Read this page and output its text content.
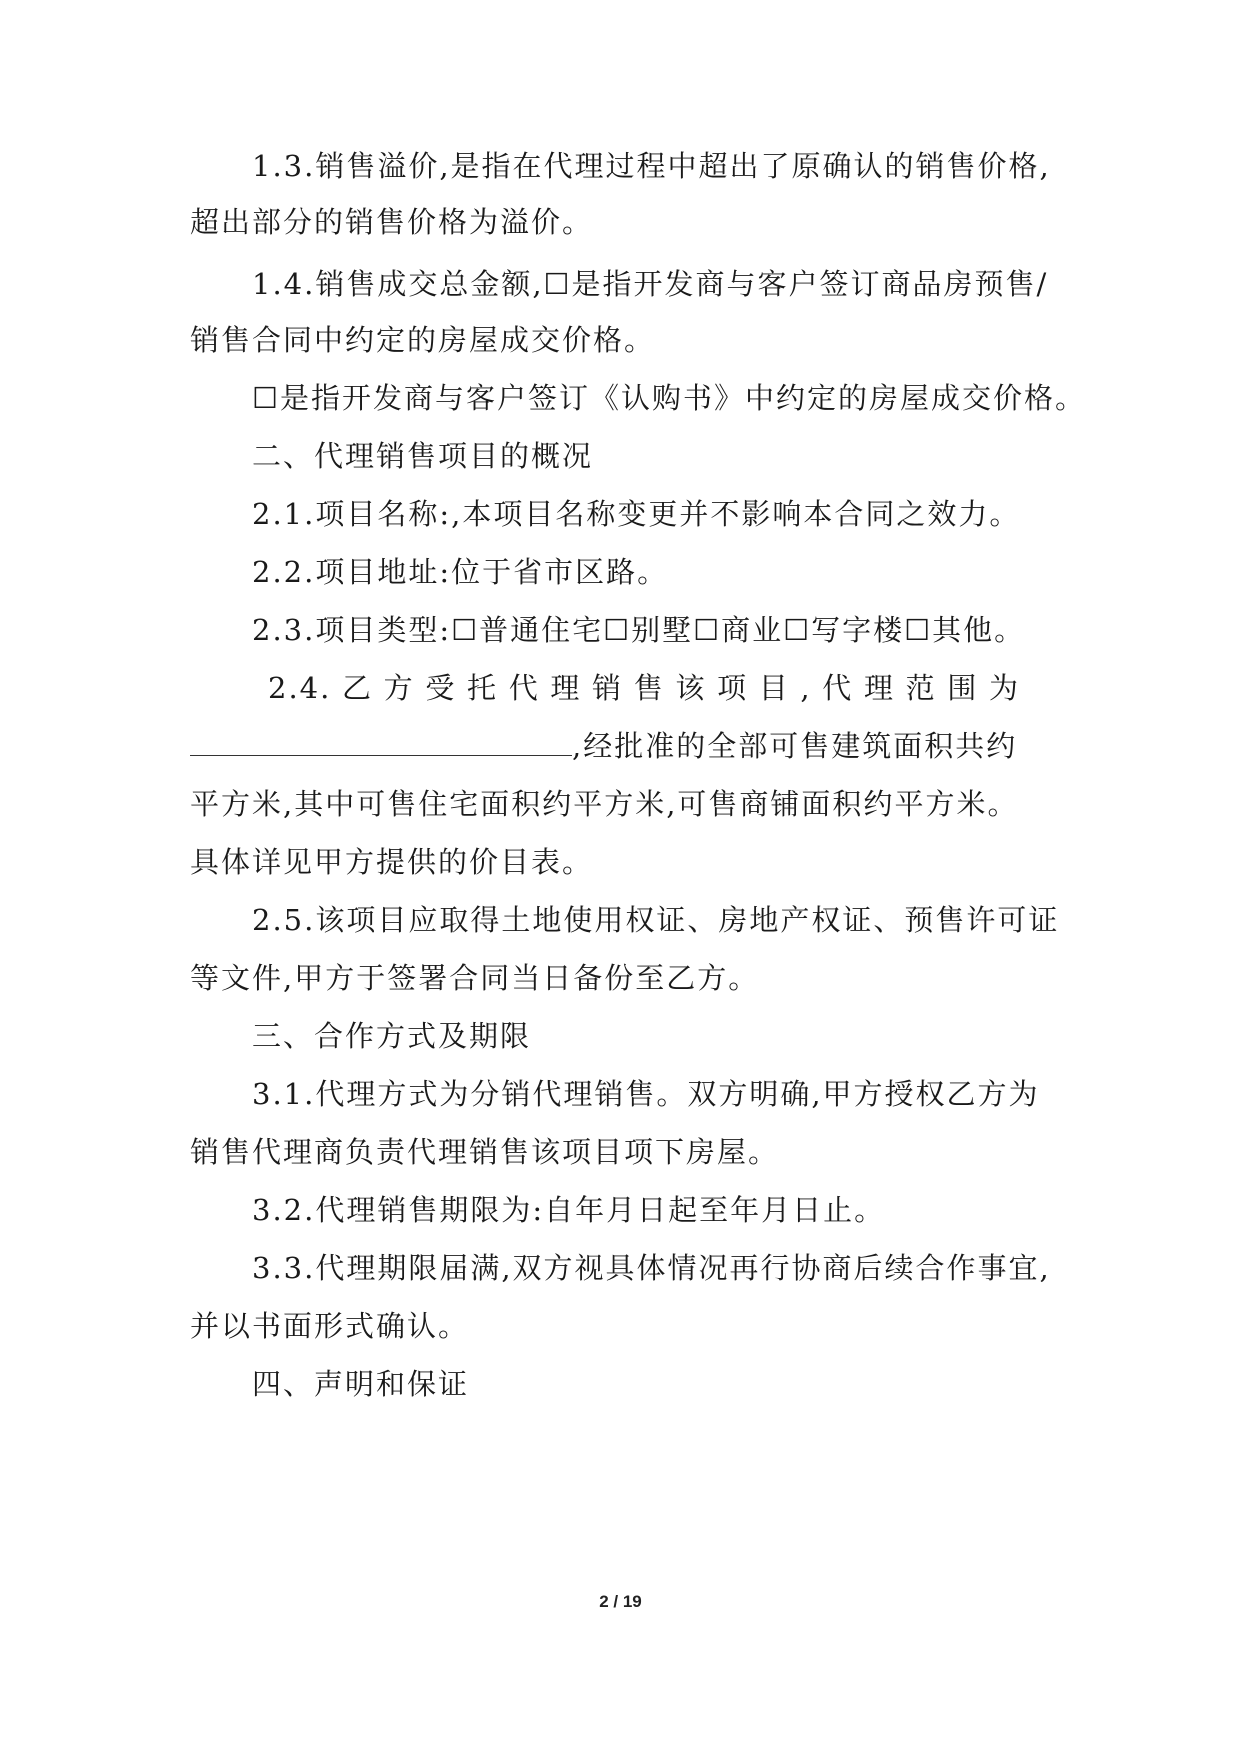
1.3.销售溢价,是指在代理过程中超出了原确认的销售价格,
超出部分的销售价格为溢价。
1.4.销售成交总金额,☐是指开发商与客户签订商品房预售/
销售合同中约定的房屋成交价格。
☐是指开发商与客户签订《认购书》中约定的房屋成交价格。
二、代理销售项目的概况
2.1.项目名称:,本项目名称变更并不影响本合同之效力。
2.2.项目地址:位于省市区路。
2.3.项目类型:☐普通住宅☐别墅☐商业☐写字楼☐其他。
2.4.乙方受托代理销售该项目,代理范围为
,经批准的全部可售建筑面积共约
平方米,其中可售住宅面积约平方米,可售商铺面积约平方米。
具体详见甲方提供的价目表。
2.5.该项目应取得土地使用权证、房地产权证、预售许可证
等文件,甲方于签署合同当日备份至乙方。
三、合作方式及期限
3.1.代理方式为分销代理销售。双方明确,甲方授权乙方为
销售代理商负责代理销售该项目项下房屋。
3.2.代理销售期限为:自年月日起至年月日止。
3.3.代理期限届满,双方视具体情况再行协商后续合作事宜,
并以书面形式确认。
四、声明和保证
2 / 19
